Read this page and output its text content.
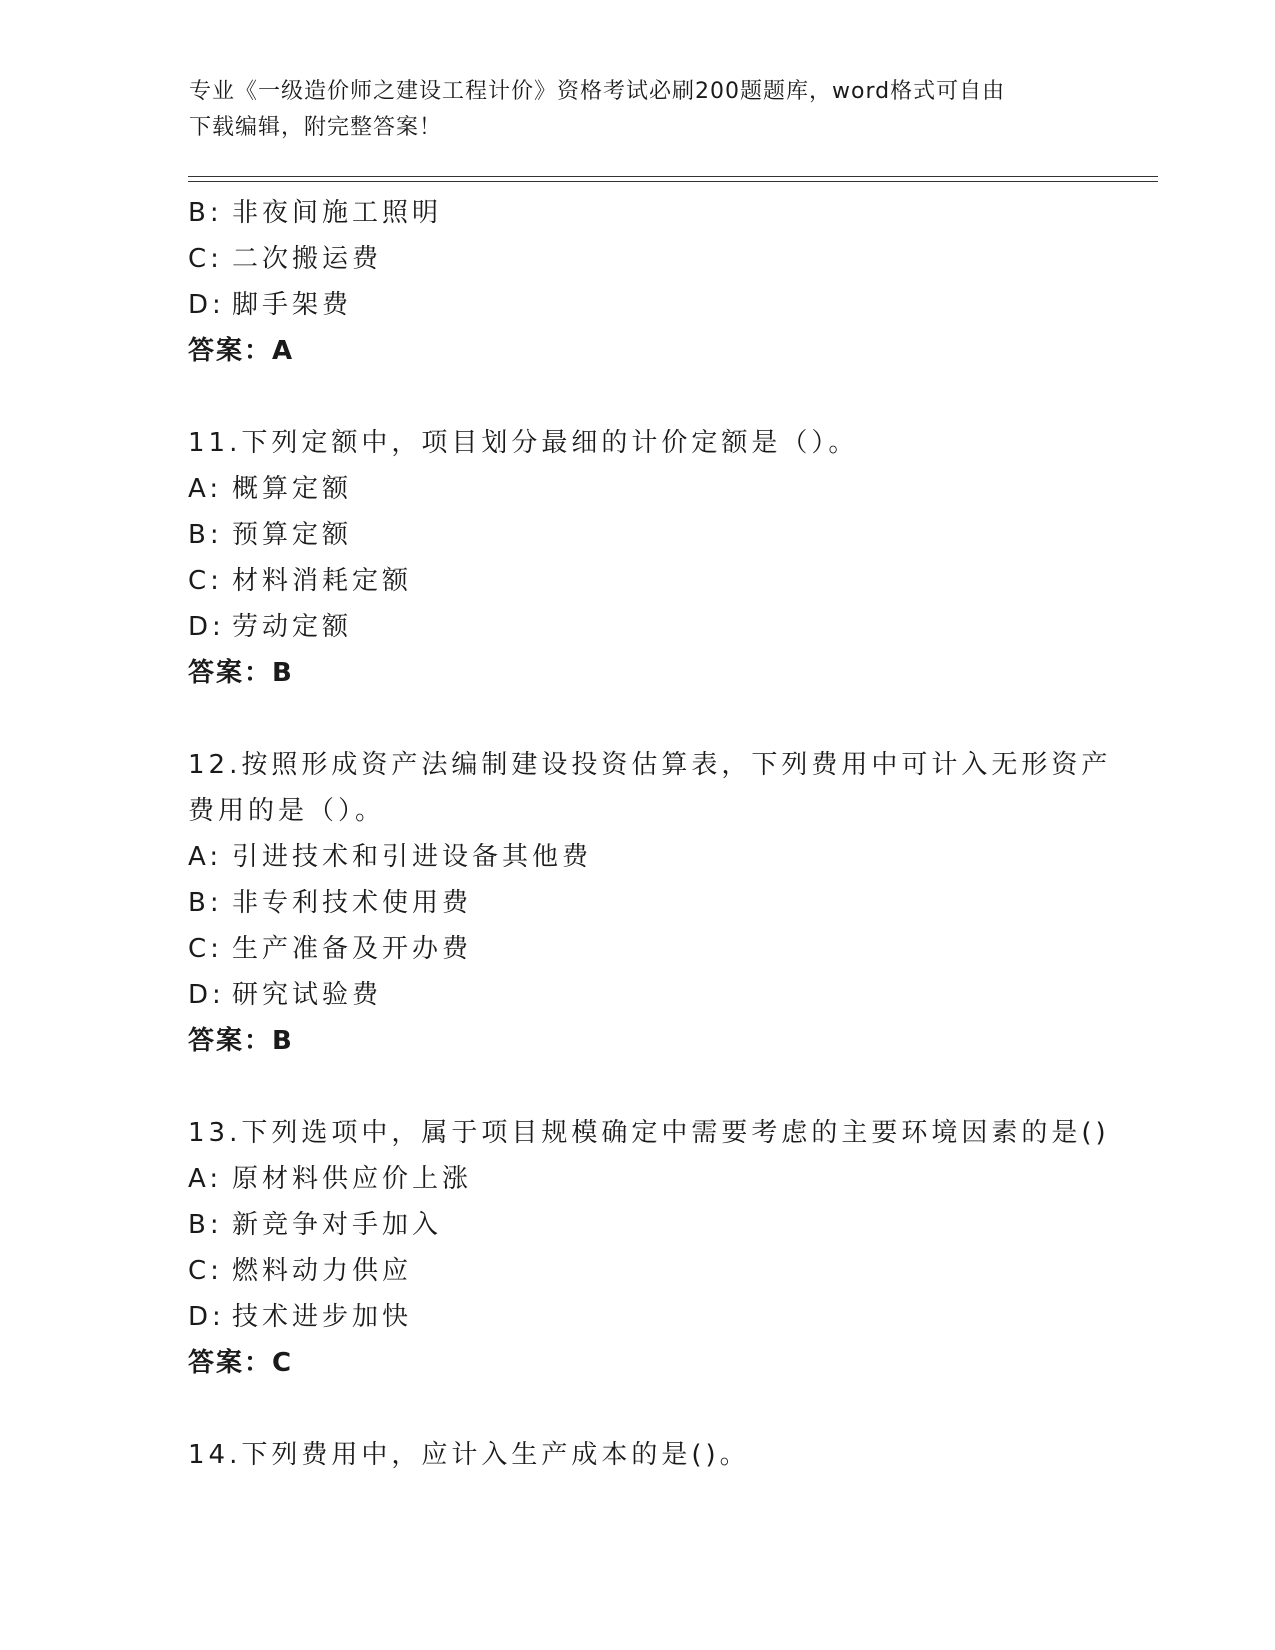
专业《一级造价师之建设工程计价》资格考试必刷200题题库，word格式可自由
下载编辑，附完整答案！
B: 非夜间施工照明
C: 二次搬运费
D: 脚手架费
答案：A
11.下列定额中，项目划分最细的计价定额是（）。
A: 概算定额
B: 预算定额
C: 材料消耗定额
D: 劳动定额
答案：B
12.按照形成资产法编制建设投资估算表，下列费用中可计入无形资产
费用的是（）。
A: 引进技术和引进设备其他费
B: 非专利技术使用费
C: 生产准备及开办费
D: 研究试验费
答案：B
13.下列选项中，属于项目规模确定中需要考虑的主要环境因素的是()
A: 原材料供应价上涨
B: 新竞争对手加入
C: 燃料动力供应
D: 技术进步加快
答案：C
14.下列费用中，应计入生产成本的是()。
